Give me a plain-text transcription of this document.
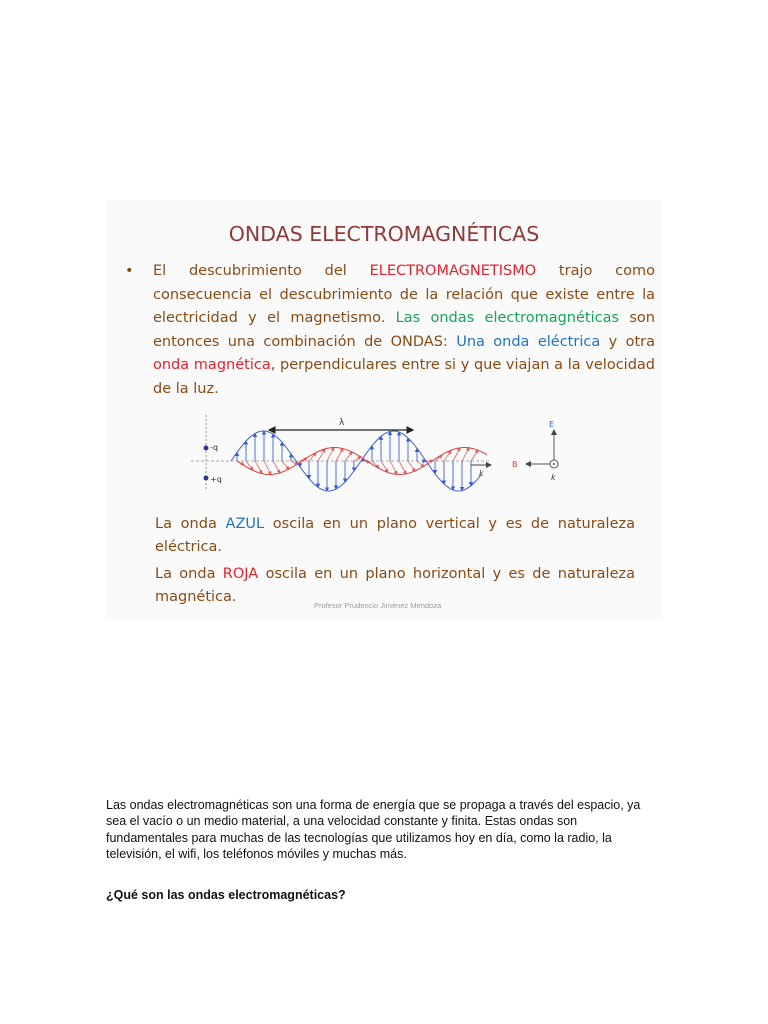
ONDAS ELECTROMAGNÉTICAS
• El descubrimiento del ELECTROMAGNETISMO trajo como consecuencia el descubrimiento de la relación que existe entre la electricidad y el magnetismo. Las ondas electromagnéticas son entonces una combinación de ONDAS: Una onda eléctrica y otra onda magnética, perpendiculares entre si y que viajan a la velocidad de la luz.
-q
+q
λ
k
E
B
k
La onda AZUL oscila en un plano vertical y es de naturaleza eléctrica.
La onda ROJA oscila en un plano horizontal y es de naturaleza magnética.
Profesor Prudencio Jiménez Mendoza

Las ondas electromagnéticas son una forma de energía que se propaga a través del espacio, ya sea el vacío o un medio material, a una velocidad constante y finita. Estas ondas son fundamentales para muchas de las tecnologías que utilizamos hoy en día, como la radio, la televisión, el wifi, los teléfonos móviles y muchas más.

¿Qué son las ondas electromagnéticas?
